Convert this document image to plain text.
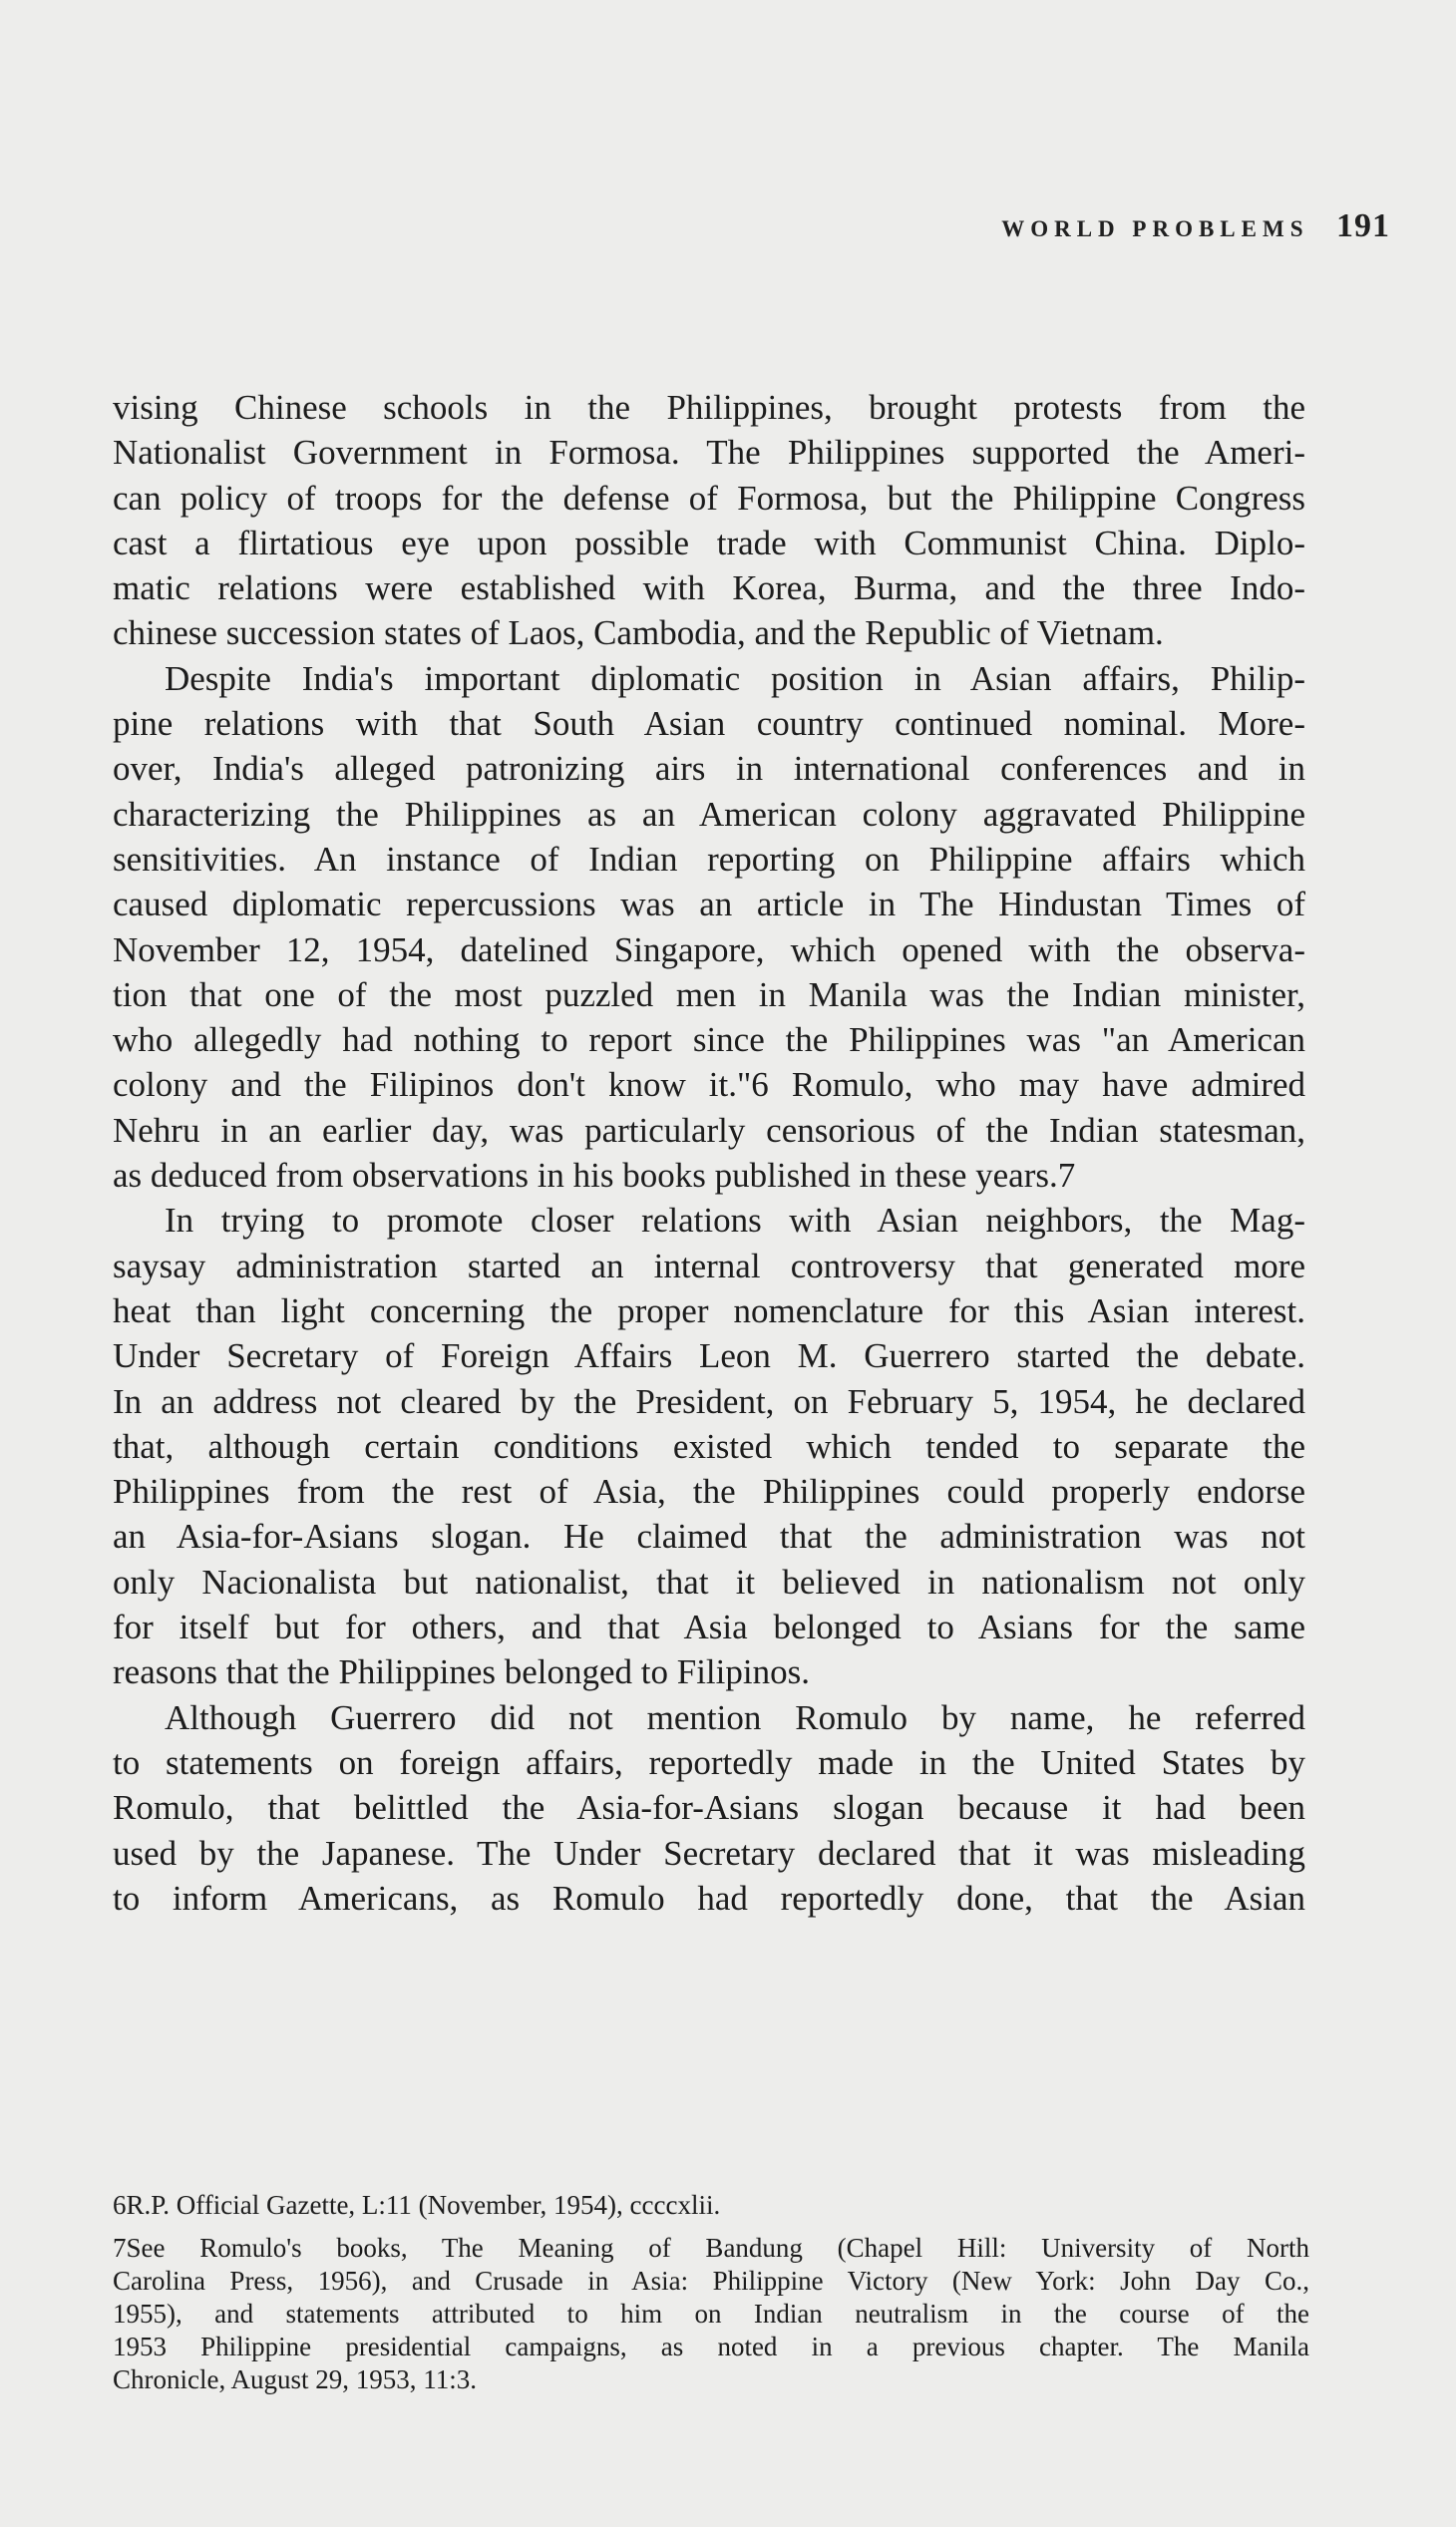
WORLD PROBLEMS 191
vising Chinese schools in the Philippines, brought protests from the
Nationalist Government in Formosa. The Philippines supported the Ameri-
can policy of troops for the defense of Formosa, but the Philippine Congress
cast a flirtatious eye upon possible trade with Communist China. Diplo-
matic relations were established with Korea, Burma, and the three Indo-
chinese succession states of Laos, Cambodia, and the Republic of Vietnam.
Despite India's important diplomatic position in Asian affairs, Philip-
pine relations with that South Asian country continued nominal. More-
over, India's alleged patronizing airs in international conferences and in
characterizing the Philippines as an American colony aggravated Philippine
sensitivities. An instance of Indian reporting on Philippine affairs which
caused diplomatic repercussions was an article in The Hindustan Times of
November 12, 1954, datelined Singapore, which opened with the observa-
tion that one of the most puzzled men in Manila was the Indian minister,
who allegedly had nothing to report since the Philippines was "an American
colony and the Filipinos don't know it."6 Romulo, who may have admired
Nehru in an earlier day, was particularly censorious of the Indian statesman,
as deduced from observations in his books published in these years.7
In trying to promote closer relations with Asian neighbors, the Mag-
saysay administration started an internal controversy that generated more
heat than light concerning the proper nomenclature for this Asian interest.
Under Secretary of Foreign Affairs Leon M. Guerrero started the debate.
In an address not cleared by the President, on February 5, 1954, he declared
that, although certain conditions existed which tended to separate the
Philippines from the rest of Asia, the Philippines could properly endorse
an Asia-for-Asians slogan. He claimed that the administration was not
only Nacionalista but nationalist, that it believed in nationalism not only
for itself but for others, and that Asia belonged to Asians for the same
reasons that the Philippines belonged to Filipinos.
Although Guerrero did not mention Romulo by name, he referred
to statements on foreign affairs, reportedly made in the United States by
Romulo, that belittled the Asia-for-Asians slogan because it had been
used by the Japanese. The Under Secretary declared that it was misleading
to inform Americans, as Romulo had reportedly done, that the Asian
6R.P. Official Gazette, L:11 (November, 1954), ccccxlii.
7See Romulo's books, The Meaning of Bandung (Chapel Hill: University of North
Carolina Press, 1956), and Crusade in Asia: Philippine Victory (New York: John Day Co.,
1955), and statements attributed to him on Indian neutralism in the course of the
1953 Philippine presidential campaigns, as noted in a previous chapter. The Manila
Chronicle, August 29, 1953, 11:3.
